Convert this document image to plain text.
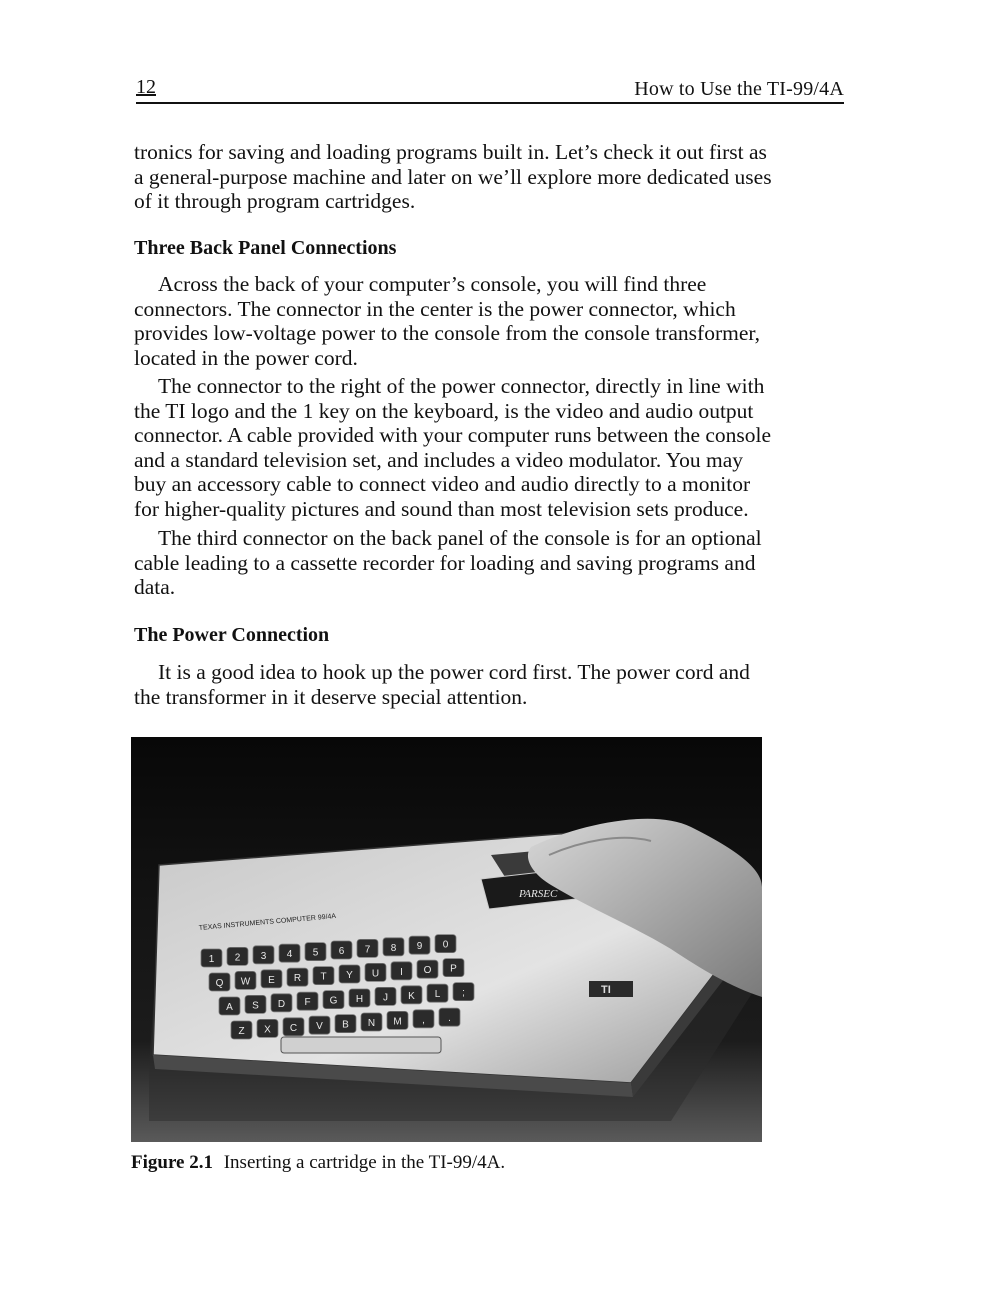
12	How to Use the TI-99/4A

tronics for saving and loading programs built in. Let’s check it out first as a general-purpose machine and later on we’ll explore more dedicated uses of it through program cartridges.

Three Back Panel Connections

Across the back of your computer’s console, you will find three connectors. The connector in the center is the power connector, which provides low-voltage power to the console from the console transformer, located in the power cord.

The connector to the right of the power connector, directly in line with the TI logo and the 1 key on the keyboard, is the video and audio output connector. A cable provided with your computer runs between the console and a standard television set, and includes a video modulator. You may buy an accessory cable to connect video and audio directly to a monitor for higher-quality pictures and sound than most television sets produce.

The third connector on the back panel of the console is for an optional cable leading to a cassette recorder for loading and saving programs and data.

The Power Connection

It is a good idea to hook up the power cord first. The power cord and the transformer in it deserve special attention.

PARSEC
TEXAS INSTRUMENTS COMPUTER 99/4A
1 2 3 4 5 6 7 8 9 0
Q W E R T Y U I O P
A S D F G H J K L ;
Z X C V B N M , .
TI
Figure 2.1 Inserting a cartridge in the TI-99/4A.
